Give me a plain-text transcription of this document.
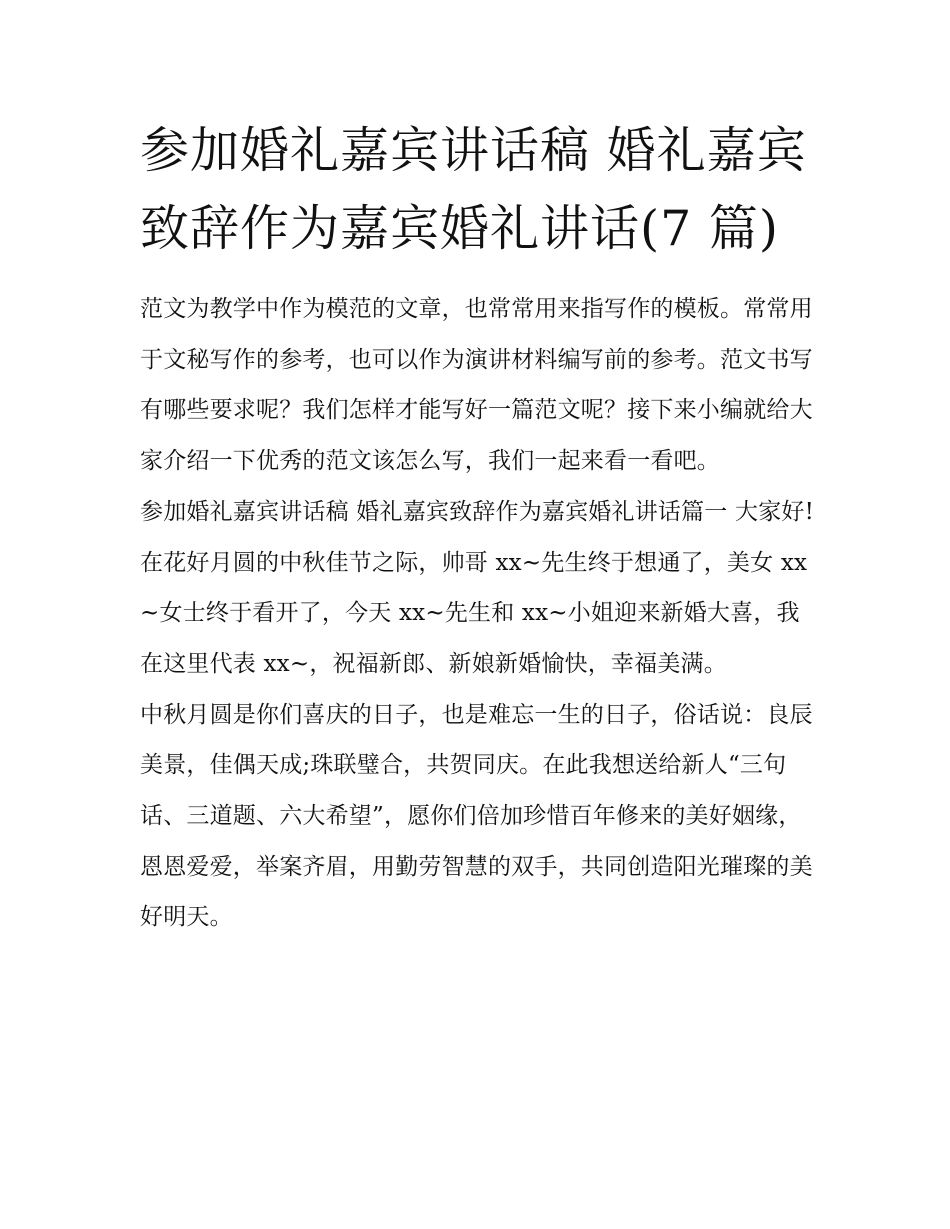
参加婚礼嘉宾讲话稿 婚礼嘉宾致辞作为嘉宾婚礼讲话(7 篇)

范文为教学中作为模范的文章，也常常用来指写作的模板。常常用于文秘写作的参考，也可以作为演讲材料编写前的参考。范文书写有哪些要求呢？我们怎样才能写好一篇范文呢？接下来小编就给大家介绍一下优秀的范文该怎么写，我们一起来看一看吧。

参加婚礼嘉宾讲话稿 婚礼嘉宾致辞作为嘉宾婚礼讲话篇一 大家好!

在花好月圆的中秋佳节之际，帅哥 xx~先生终于想通了，美女 xx~女士终于看开了，今天 xx~先生和 xx~小姐迎来新婚大喜，我在这里代表 xx~，祝福新郎、新娘新婚愉快，幸福美满。

中秋月圆是你们喜庆的日子，也是难忘一生的日子，俗话说：良辰美景，佳偶天成;珠联璧合，共贺同庆。在此我想送给新人“三句话、三道题、六大希望”，愿你们倍加珍惜百年修来的美好姻缘，恩恩爱爱，举案齐眉，用勤劳智慧的双手，共同创造阳光璀璨的美好明天。
